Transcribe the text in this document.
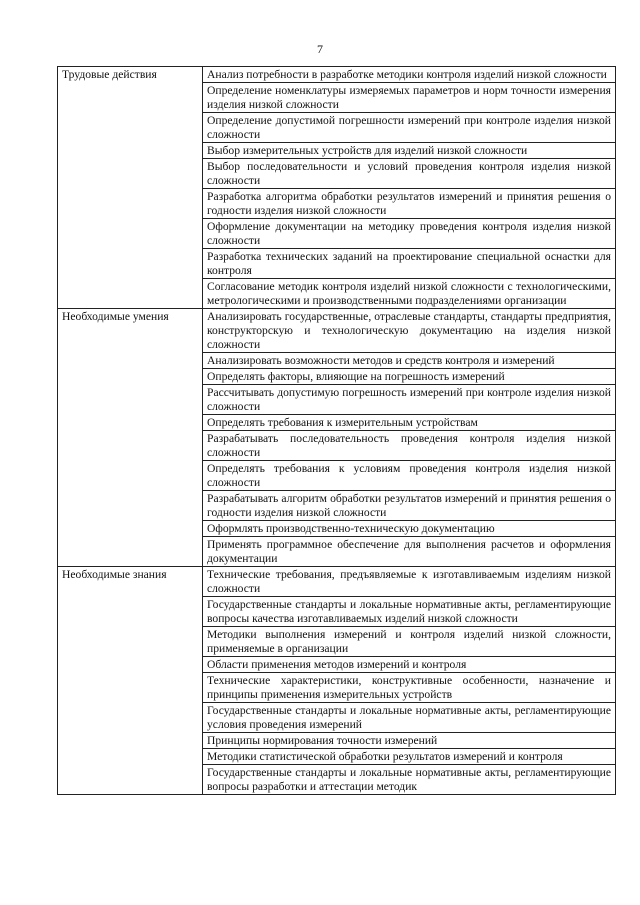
7
Трудовые действия	Анализ потребности в разработке методики контроля изделий низкой сложности
	Определение номенклатуры измеряемых параметров и норм точности измерения изделия низкой сложности
	Определение допустимой погрешности измерений при контроле изделия низкой сложности
	Выбор измерительных устройств для изделий низкой сложности
	Выбор последовательности и условий проведения контроля изделия низкой сложности
	Разработка алгоритма обработки результатов измерений и принятия решения о годности изделия низкой сложности
	Оформление документации на методику проведения контроля изделия низкой сложности
	Разработка технических заданий на проектирование специальной оснастки для контроля
	Согласование методик контроля изделий низкой сложности с технологическими, метрологическими и производственными подразделениями организации
Необходимые умения	Анализировать государственные, отраслевые стандарты, стандарты предприятия, конструкторскую и технологическую документацию на изделия низкой сложности
	Анализировать возможности методов и средств контроля и измерений
	Определять факторы, влияющие на погрешность измерений
	Рассчитывать допустимую погрешность измерений при контроле изделия низкой сложности
	Определять требования к измерительным устройствам
	Разрабатывать последовательность проведения контроля изделия низкой сложности
	Определять требования к условиям проведения контроля изделия низкой сложности
	Разрабатывать алгоритм обработки результатов измерений и принятия решения о годности изделия низкой сложности
	Оформлять производственно-техническую документацию
	Применять программное обеспечение для выполнения расчетов и оформления документации
Необходимые знания	Технические требования, предъявляемые к изготавливаемым изделиям низкой сложности
	Государственные стандарты и локальные нормативные акты, регламентирующие вопросы качества изготавливаемых изделий низкой сложности
	Методики выполнения измерений и контроля изделий низкой сложности, применяемые в организации
	Области применения методов измерений и контроля
	Технические характеристики, конструктивные особенности, назначение и принципы применения измерительных устройств
	Государственные стандарты и локальные нормативные акты, регламентирующие условия проведения измерений
	Принципы нормирования точности измерений
	Методики статистической обработки результатов измерений и контроля
	Государственные стандарты и локальные нормативные акты, регламентирующие вопросы разработки и аттестации методик
